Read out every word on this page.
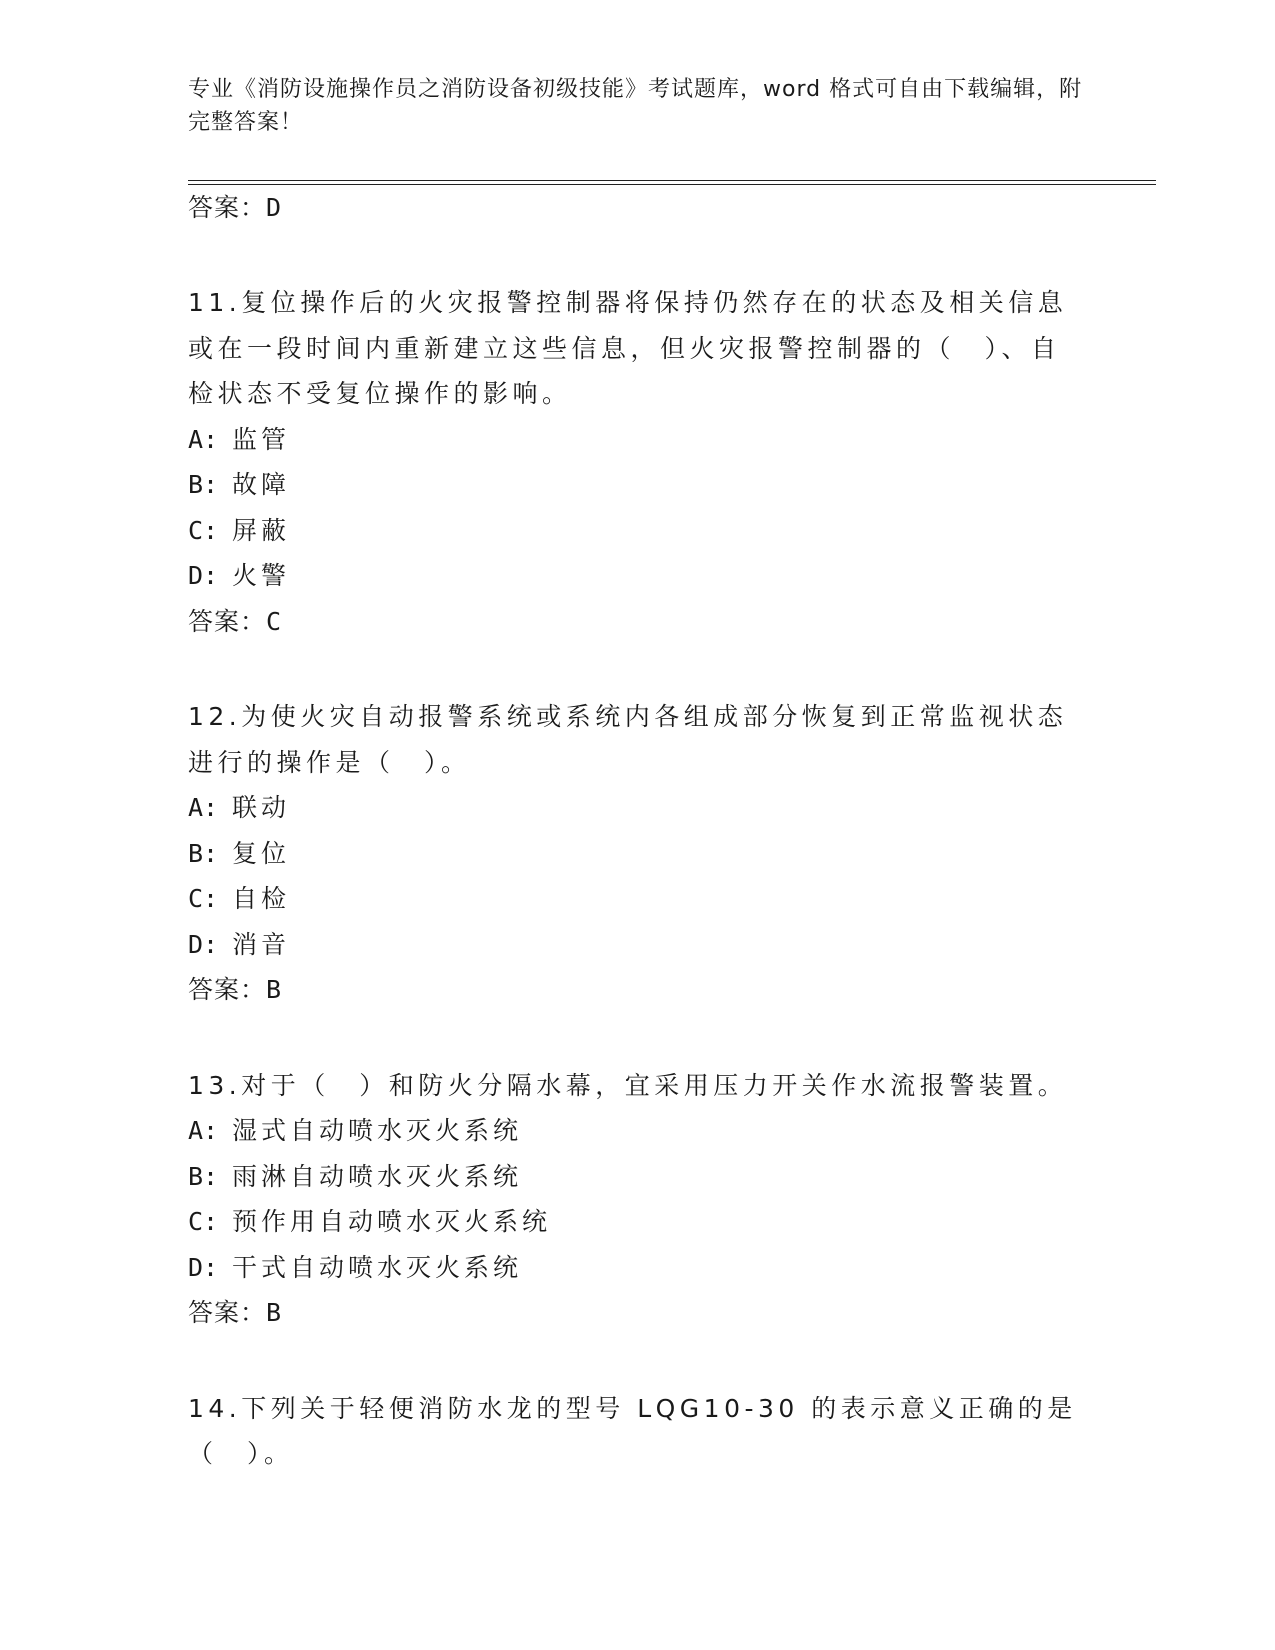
专业《消防设施操作员之消防设备初级技能》考试题库，word 格式可自由下载编辑，附完整答案！
答案：D
11.复位操作后的火灾报警控制器将保持仍然存在的状态及相关信息或在一段时间内重新建立这些信息，但火灾报警控制器的（　）、自检状态不受复位操作的影响。
A: 监管
B: 故障
C: 屏蔽
D: 火警
答案：C
12.为使火灾自动报警系统或系统内各组成部分恢复到正常监视状态进行的操作是（　）。
A: 联动
B: 复位
C: 自检
D: 消音
答案：B
13.对于（　）和防火分隔水幕，宜采用压力开关作水流报警装置。
A: 湿式自动喷水灭火系统
B: 雨淋自动喷水灭火系统
C: 预作用自动喷水灭火系统
D: 干式自动喷水灭火系统
答案：B
14.下列关于轻便消防水龙的型号 LQG10-30 的表示意义正确的是（　）。
